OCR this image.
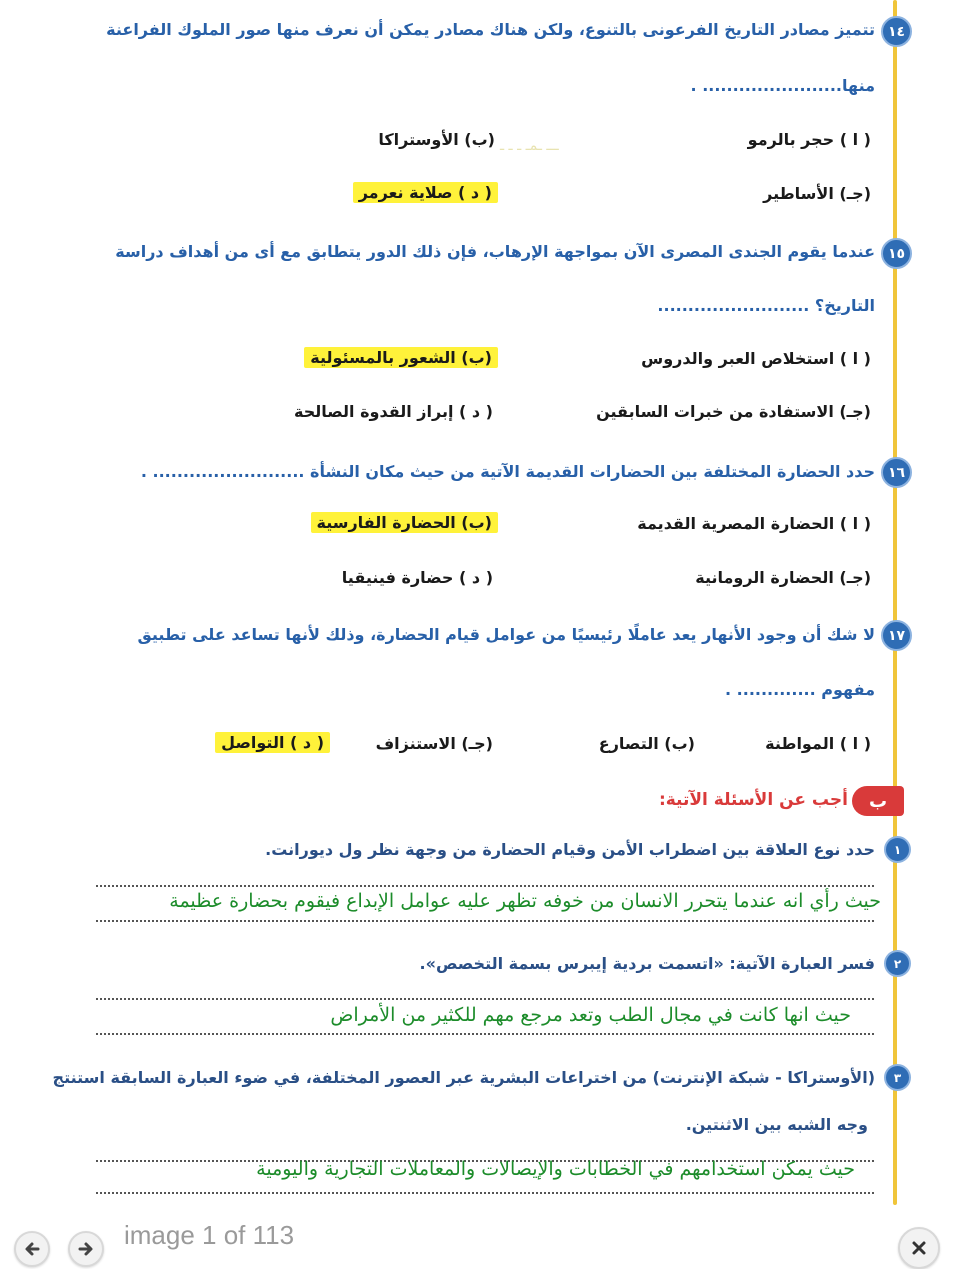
ـــ ـمـ ـ ـ ـ
١٤
تتميز مصادر التاريخ الفرعونى بالتنوع، ولكن هناك مصادر يمكن أن نعرف منها صور الملوك الفراعنة
منها....................... .
( ا ) حجر بالرمو
(ب) الأوستراكا
(جـ) الأساطير
( د ) صلاية نعرمر
١٥
عندما يقوم الجندى المصرى الآن بمواجهة الإرهاب، فإن ذلك الدور يتطابق مع أى من أهداف دراسة
التاريخ؟ .........................
( ا ) استخلاص العبر والدروس
(ب) الشعور بالمسئولية
(جـ) الاستفادة من خبرات السابقين
( د ) إبراز القدوة الصالحة
١٦
حدد الحضارة المختلفة بين الحضارات القديمة الآتية من حيث مكان النشأة ......................... .
( ا ) الحضارة المصرية القديمة
(ب) الحضارة الفارسية
(جـ) الحضارة الرومانية
( د ) حضارة فينيقيا
١٧
لا شك أن وجود الأنهار يعد عاملًا رئيسيًا من عوامل قيام الحضارة، وذلك لأنها تساعد على تطبيق
مفهوم ............. .
( ا ) المواطنة
(ب) التصارع
(جـ) الاستنزاف
( د ) التواصل
ب
أجب عن الأسئلة الآتية:
١
حدد نوع العلاقة بين اضطراب الأمن وقيام الحضارة من وجهة نظر ول ديورانت.
حيث رأي انه عندما يتحرر الانسان من خوفه تظهر عليه عوامل الإبداع فيقوم بحضارة عظيمة
٢
فسر العبارة الآتية: «اتسمت بردية إيبرس بسمة التخصص».
حيث انها كانت في مجال الطب وتعد مرجع مهم للكثير من الأمراض
٣
(الأوستراكا - شبكة الإنترنت) من اختراعات البشرية عبر العصور المختلفة، في ضوء العبارة السابقة استنتج
وجه الشبه بين الاثنتين.
حيث يمكن استخدامهم في الخطابات والإيصالات والمعاملات التجارية واليومية
image 1 of 113
